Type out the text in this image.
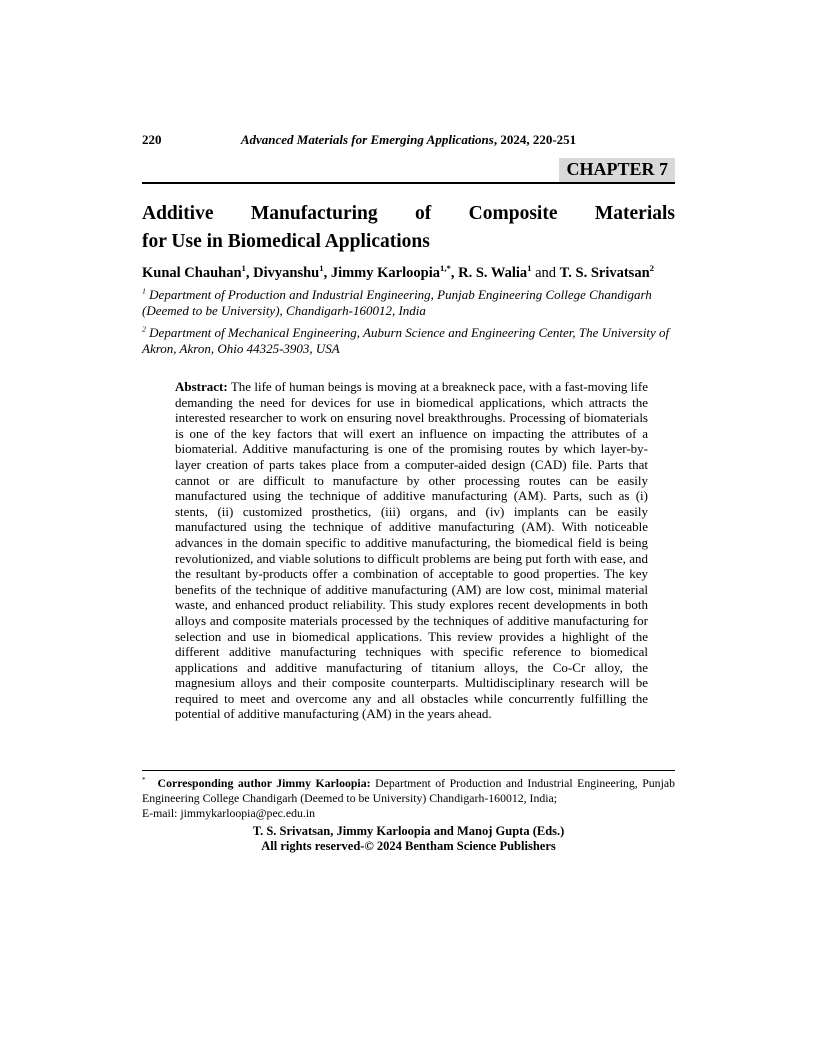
220	Advanced Materials for Emerging Applications, 2024, 220-251
CHAPTER 7
Additive Manufacturing of Composite Materials
for Use in Biomedical Applications
Kunal Chauhan$^1$, Divyanshu$^1$, Jimmy Karloopia$^{1,*}$, R. S. Walia$^1$ and T. S. Srivatsan$^2$
$^1$ Department of Production and Industrial Engineering, Punjab Engineering College Chandigarh (Deemed to be University), Chandigarh-160012, India
$^2$ Department of Mechanical Engineering, Auburn Science and Engineering Center, The University of Akron, Akron, Ohio 44325-3903, USA

Abstract: The life of human beings is moving at a breakneck pace, with a fast-moving life demanding the need for devices for use in biomedical applications, which attracts the interested researcher to work on ensuring novel breakthroughs. Processing of biomaterials is one of the key factors that will exert an influence on impacting the attributes of a biomaterial. Additive manufacturing is one of the promising routes by which layer-by-layer creation of parts takes place from a computer-aided design (CAD) file. Parts that cannot or are difficult to manufacture by other processing routes can be easily manufactured using the technique of additive manufacturing (AM). Parts, such as (i) stents, (ii) customized prosthetics, (iii) organs, and (iv) implants can be easily manufactured using the technique of additive manufacturing (AM). With noticeable advances in the domain specific to additive manufacturing, the biomedical field is being revolutionized, and viable solutions to difficult problems are being put forth with ease, and the resultant by-products offer a combination of acceptable to good properties. The key benefits of the technique of additive manufacturing (AM) are low cost, minimal material waste, and enhanced product reliability. This study explores recent developments in both alloys and composite materials processed by the techniques of additive manufacturing for selection and use in biomedical applications. This review provides a highlight of the different additive manufacturing techniques with specific reference to biomedical applications and additive manufacturing of titanium alloys, the Co-Cr alloy, the magnesium alloys and their composite counterparts. Multidisciplinary research will be required to meet and overcome any and all obstacles while concurrently fulfilling the potential of additive manufacturing (AM) in the years ahead.

* Corresponding author Jimmy Karloopia: Department of Production and Industrial Engineering, Punjab Engineering College Chandigarh (Deemed to be University) Chandigarh-160012, India;
E-mail: jimmykarloopia@pec.edu.in
T. S. Srivatsan, Jimmy Karloopia and Manoj Gupta (Eds.)
All rights reserved-© 2024 Bentham Science Publishers
